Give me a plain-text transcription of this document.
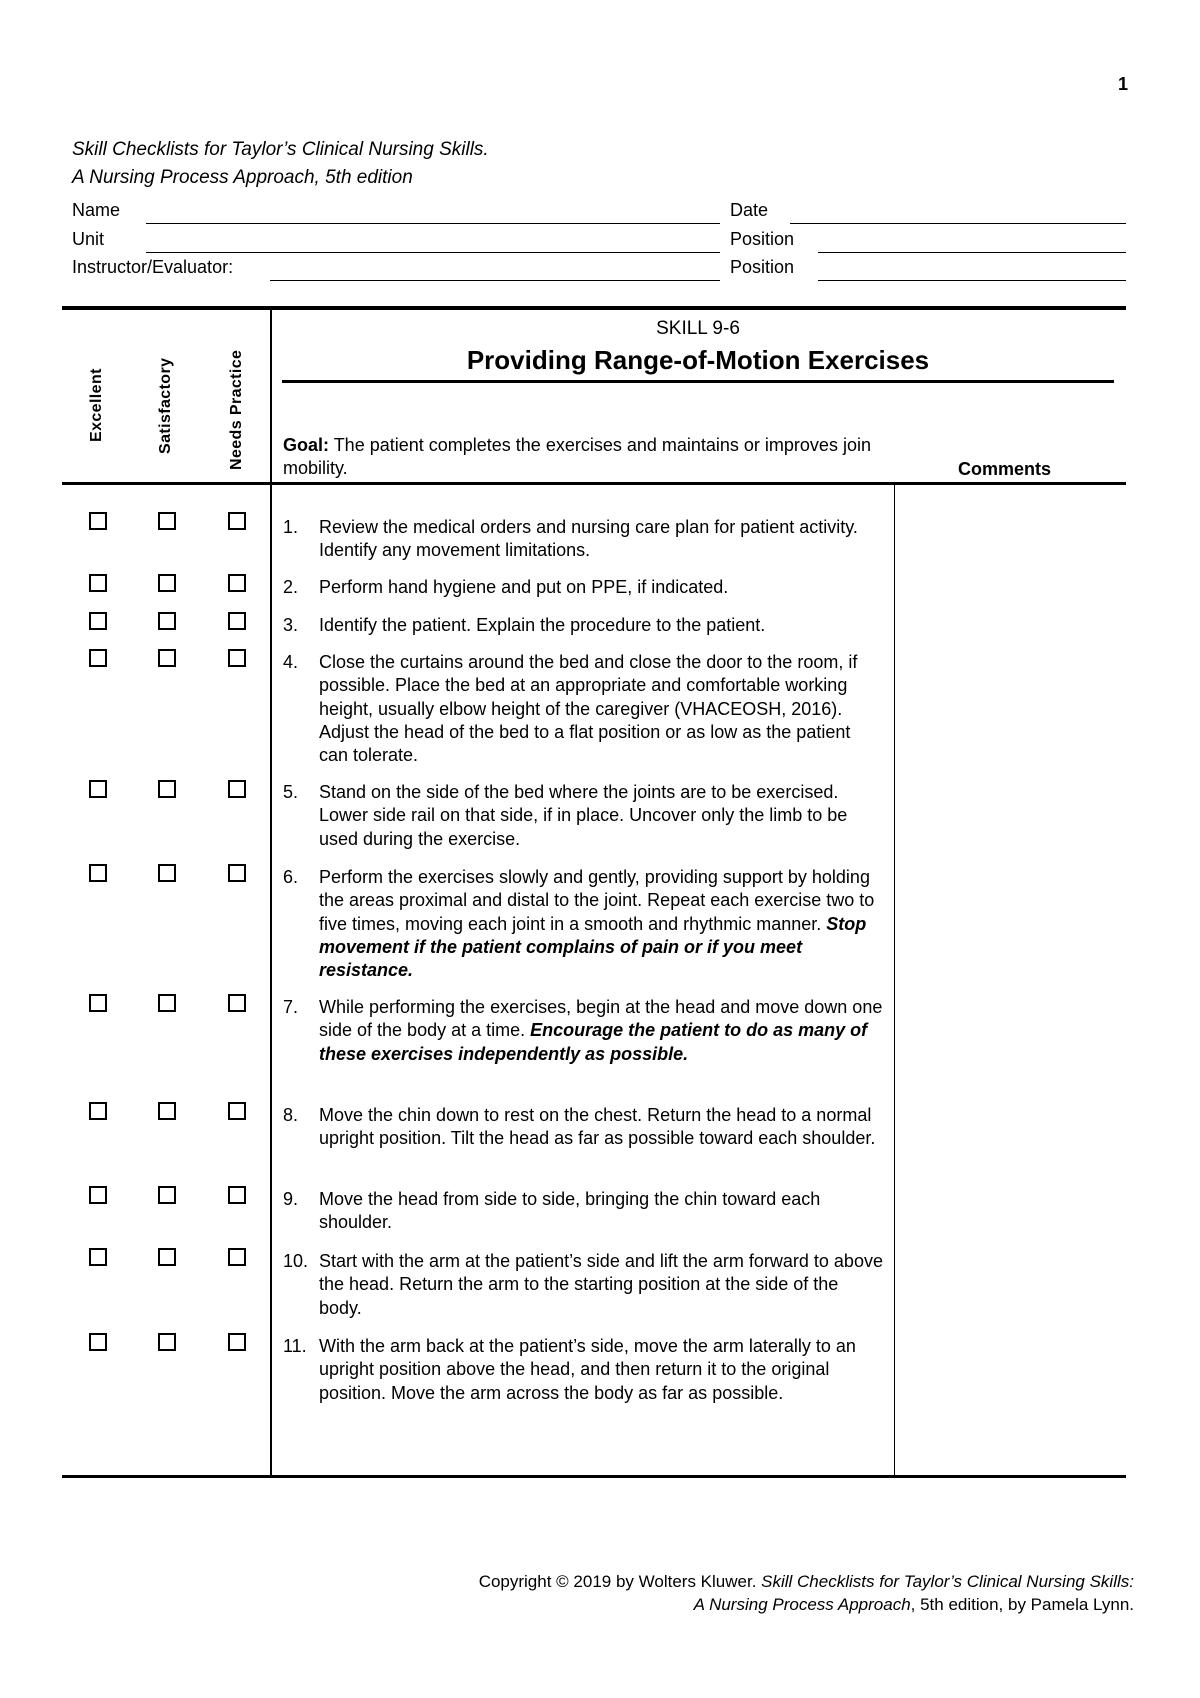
1
Skill Checklists for Taylor’s Clinical Nursing Skills.
A Nursing Process Approach, 5th edition
Name	Date
Unit	Position
Instructor/Evaluator:	Position
Excellent	Satisfactory	Needs Practice
SKILL 9-6
Providing Range-of-Motion Exercises
Goal: The patient completes the exercises and maintains or improves join mobility.	Comments
1. Review the medical orders and nursing care plan for patient activity. Identify any movement limitations.
2. Perform hand hygiene and put on PPE, if indicated.
3. Identify the patient. Explain the procedure to the patient.
4. Close the curtains around the bed and close the door to the room, if possible. Place the bed at an appropriate and comfortable working height, usually elbow height of the caregiver (VHACEOSH, 2016). Adjust the head of the bed to a flat position or as low as the patient can tolerate.
5. Stand on the side of the bed where the joints are to be exercised. Lower side rail on that side, if in place. Uncover only the limb to be used during the exercise.
6. Perform the exercises slowly and gently, providing support by holding the areas proximal and distal to the joint. Repeat each exercise two to five times, moving each joint in a smooth and rhythmic manner. Stop movement if the patient complains of pain or if you meet resistance.
7. While performing the exercises, begin at the head and move down one side of the body at a time. Encourage the patient to do as many of these exercises independently as possible.
8. Move the chin down to rest on the chest. Return the head to a normal upright position. Tilt the head as far as possible toward each shoulder.
9. Move the head from side to side, bringing the chin toward each shoulder.
10. Start with the arm at the patient’s side and lift the arm forward to above the head. Return the arm to the starting position at the side of the body.
11. With the arm back at the patient’s side, move the arm laterally to an upright position above the head, and then return it to the original position. Move the arm across the body as far as possible.
Copyright © 2019 by Wolters Kluwer. Skill Checklists for Taylor’s Clinical Nursing Skills:
A Nursing Process Approach, 5th edition, by Pamela Lynn.
